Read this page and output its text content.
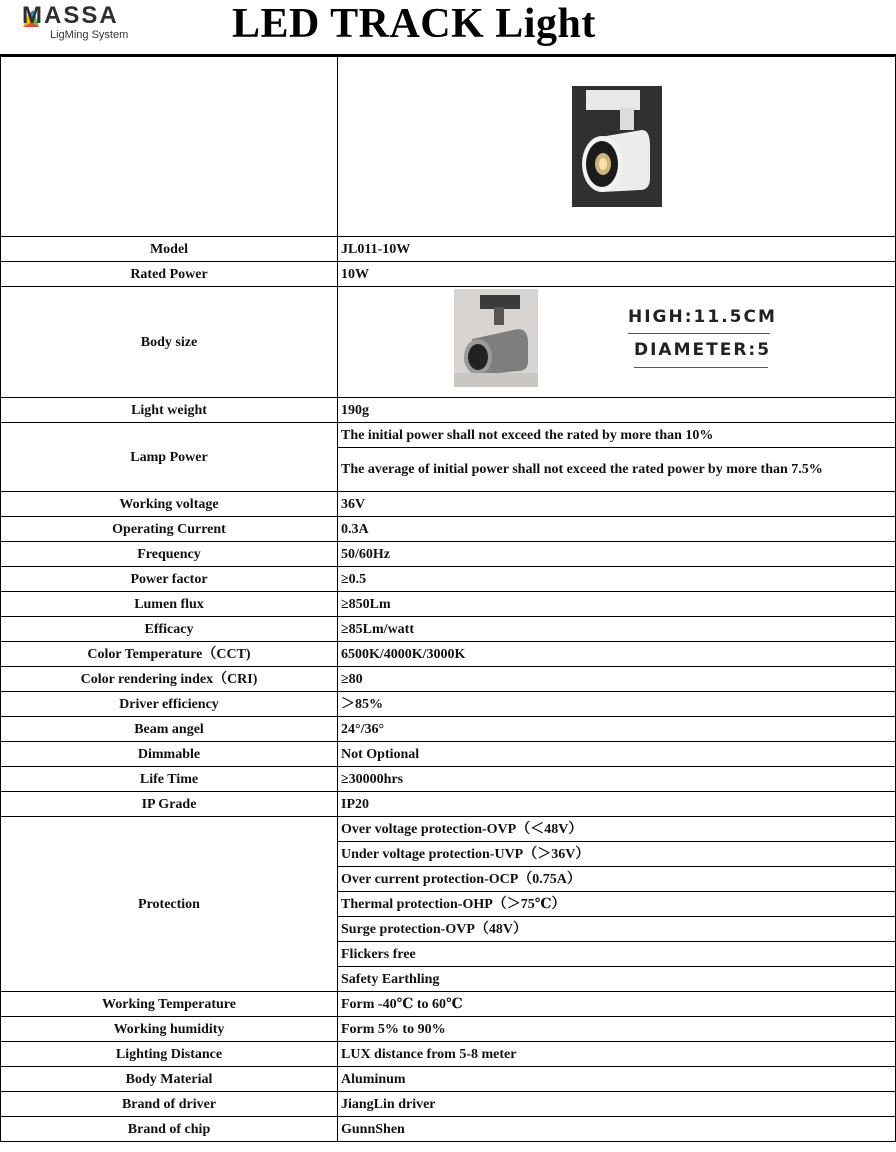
MASSA
LigMing System LED TRACK Light

Model	JL011-10W
Rated Power	10W
Body size	HIGH:11.5CM
DIAMETER:5

Light weight	190g
Lamp Power	The initial power shall not exceed the rated by more than 10%
	The average of initial power shall not exceed the rated power by more than 7.5%
Working voltage	36V
Operating Current	0.3A
Frequency	50/60Hz
Power factor	≥0.5
Lumen flux	≥850Lm
Efficacy	≥85Lm/watt
Color Temperature（CCT)	6500K/4000K/3000K
Color rendering index（CRI)	≥80
Driver efficiency	＞85%
Beam angel	24°/36°
Dimmable	Not Optional
Life Time	≥30000hrs
IP Grade	IP20
Protection	Over voltage protection-OVP（＜48V）
	Under voltage protection-UVP（＞36V）
	Over current protection-OCP（0.75A）
	Thermal protection-OHP（＞75℃）
	Surge protection-OVP（48V）
	Flickers free
	Safety Earthling
Working Temperature	Form -40℃ to 60℃
Working humidity	Form 5% to 90%
Lighting Distance	LUX distance from 5-8 meter
Body Material	Aluminum
Brand of driver	JiangLin driver
Brand of chip	GunnShen
